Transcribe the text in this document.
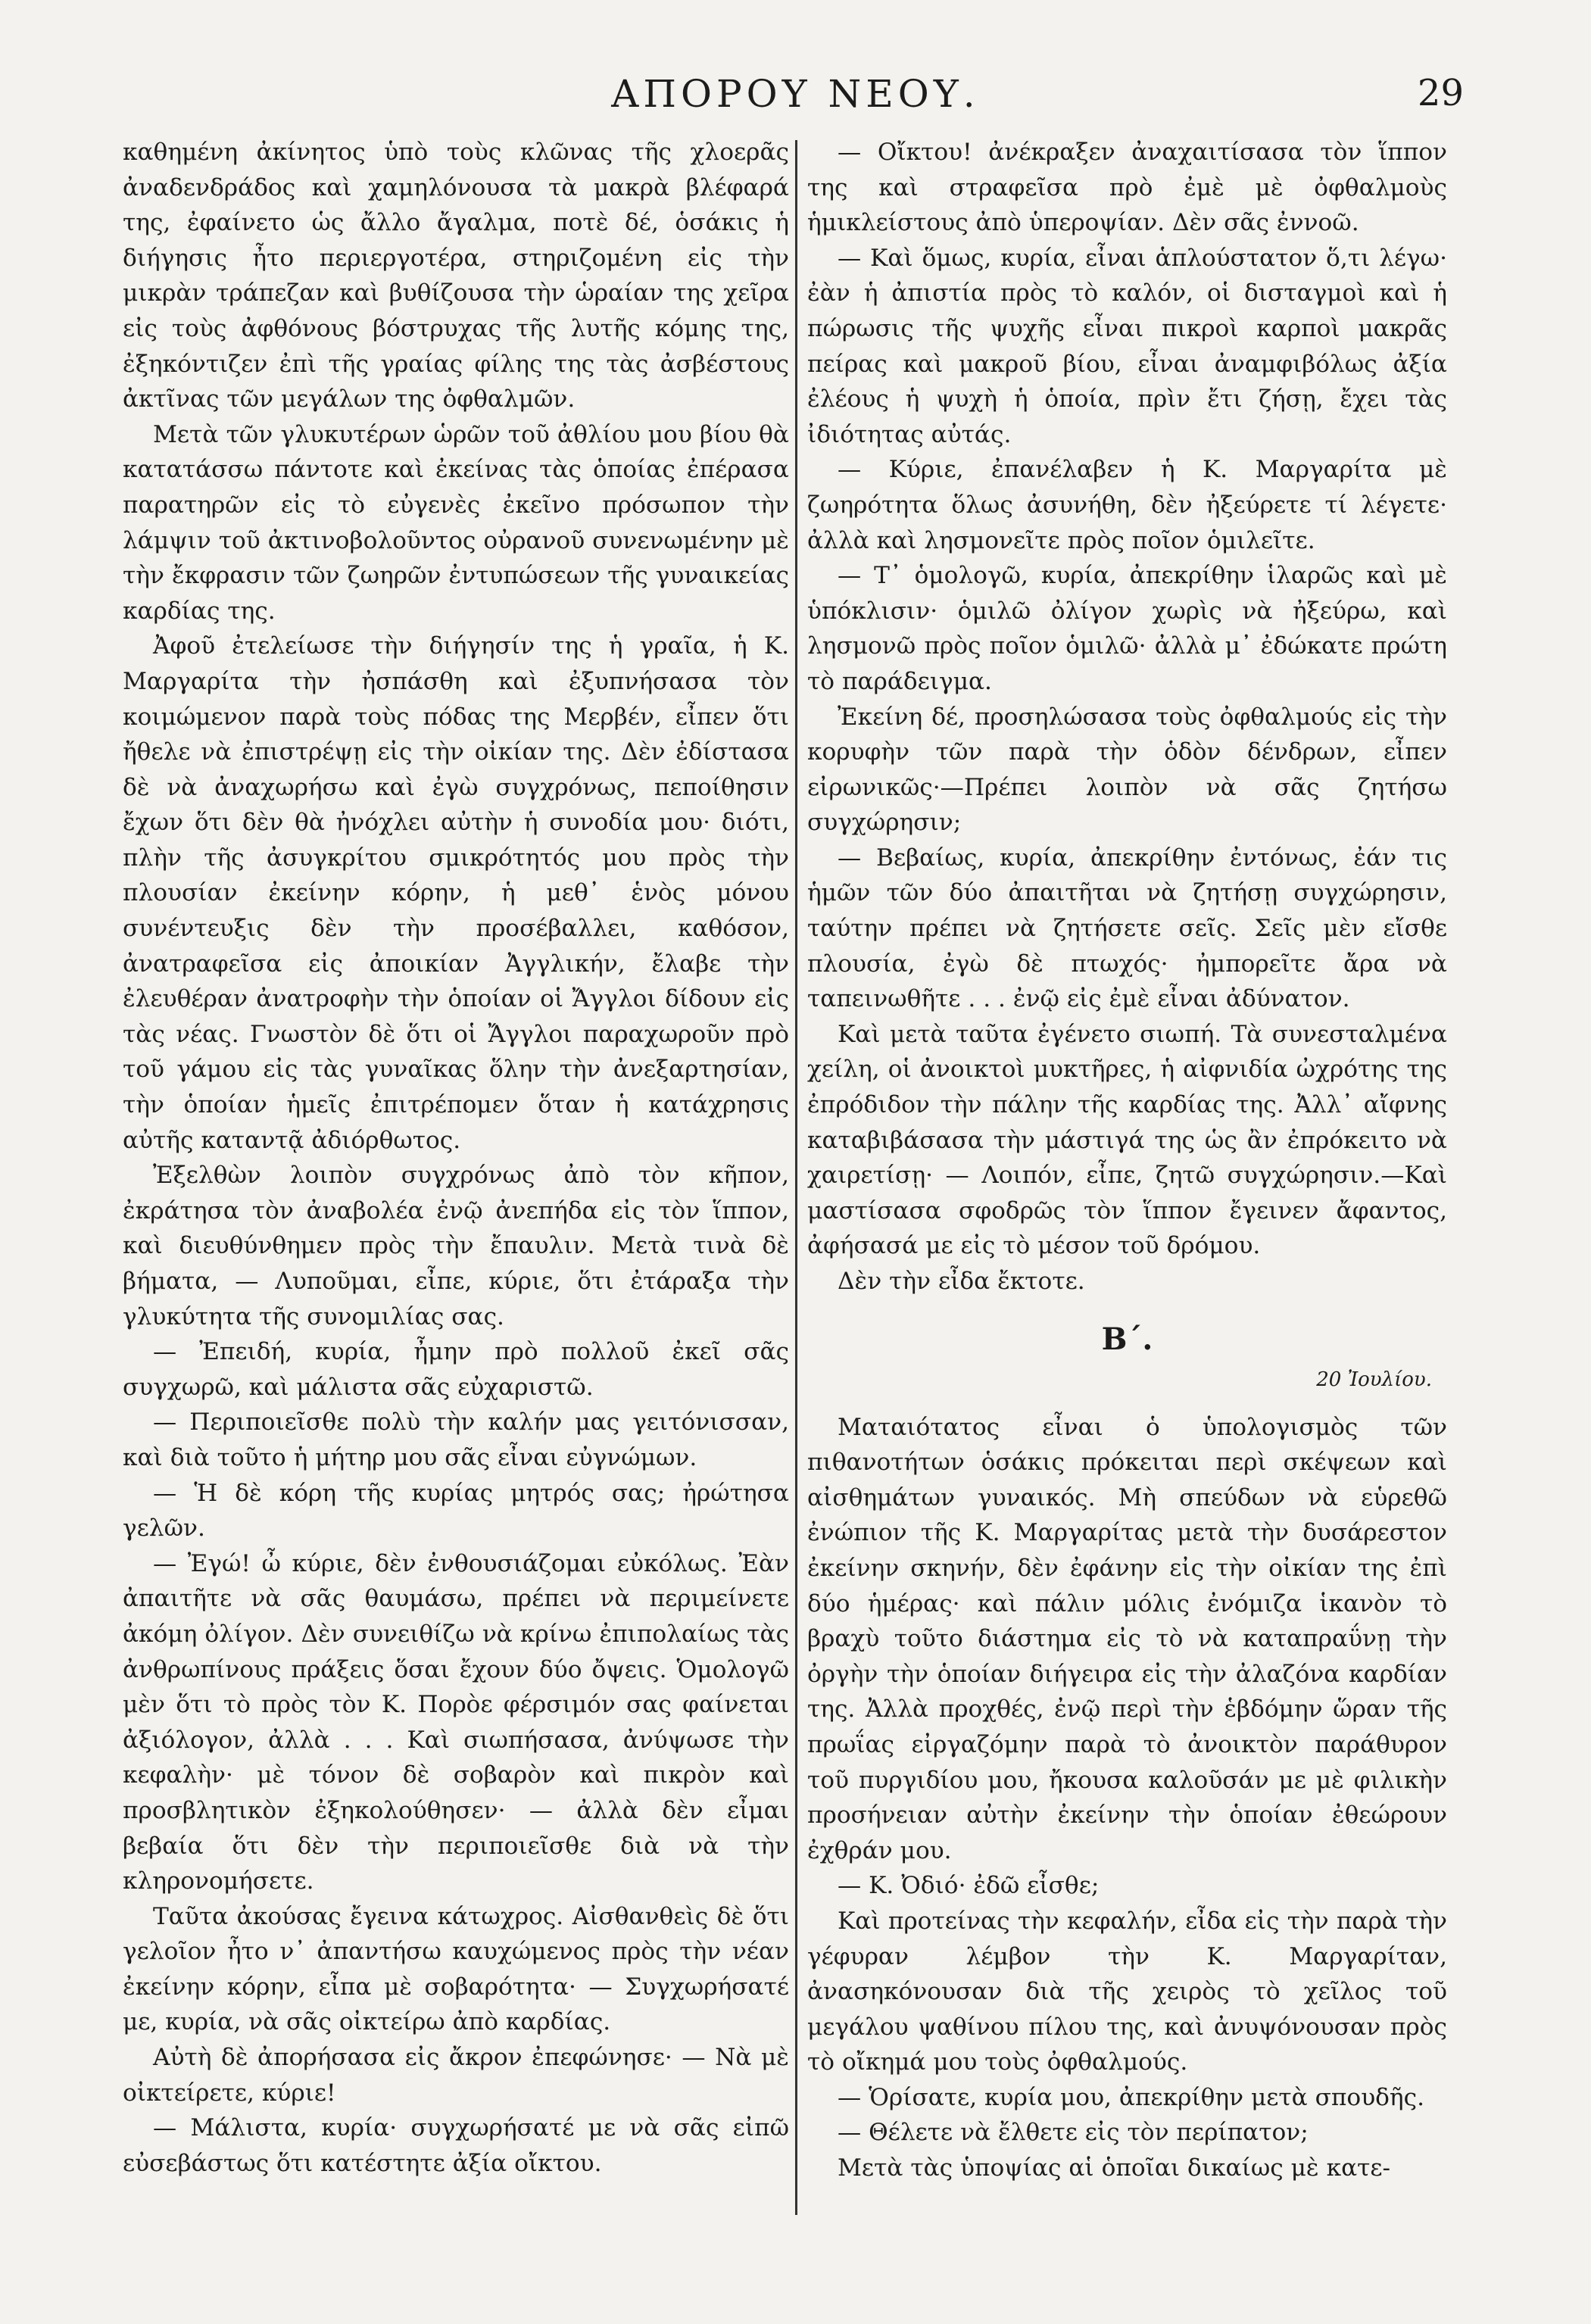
ΑΠΟΡΟΥ ΝΕΟΥ.	29

καθημένη ἀκίνητος ὑπὸ τοὺς κλῶνας τῆς χλοερᾶς ἀναδενδράδος καὶ χαμηλόνουσα τὰ μακρὰ βλέφαρά της, ἐφαίνετο ὡς ἄλλο ἄγαλμα, ποτὲ δέ, ὁσάκις ἡ διήγησις ἦτο περιεργοτέρα, στηριζομένη εἰς τὴν μικρὰν τράπεζαν καὶ βυθίζουσα τὴν ὡραίαν της χεῖρα εἰς τοὺς ἀφθόνους βόστρυχας τῆς λυτῆς κόμης της, ἐξηκόντιζεν ἐπὶ τῆς γραίας φίλης της τὰς ἀσβέστους ἀκτῖνας τῶν μεγάλων της ὀφθαλμῶν.

Μετὰ τῶν γλυκυτέρων ὡρῶν τοῦ ἀθλίου μου βίου θὰ κατατάσσω πάντοτε καὶ ἐκείνας τὰς ὁποίας ἐπέρασα παρατηρῶν εἰς τὸ εὐγενὲς ἐκεῖνο πρόσωπον τὴν λάμψιν τοῦ ἀκτινοβολοῦντος οὐρανοῦ συνενωμένην μὲ τὴν ἔκφρασιν τῶν ζωηρῶν ἐντυπώσεων τῆς γυναικείας καρδίας της.

Ἀφοῦ ἐτελείωσε τὴν διήγησίν της ἡ γραῖα, ἡ Κ. Μαργαρίτα τὴν ἠσπάσθη καὶ ἐξυπνήσασα τὸν κοιμώμενον παρὰ τοὺς πόδας της Μερβέν, εἶπεν ὅτι ἤθελε νὰ ἐπιστρέψῃ εἰς τὴν οἰκίαν της. Δὲν ἐδίστασα δὲ νὰ ἀναχωρήσω καὶ ἐγὼ συγχρόνως, πεποίθησιν ἔχων ὅτι δὲν θὰ ἠνόχλει αὐτὴν ἡ συνοδία μου· διότι, πλὴν τῆς ἀσυγκρίτου σμικρότητός μου πρὸς τὴν πλουσίαν ἐκείνην κόρην, ἡ μεθ᾽ ἑνὸς μόνου συνέντευξις δὲν τὴν προσέβαλλει, καθόσον, ἀνατραφεῖσα εἰς ἀποικίαν Ἀγγλικήν, ἔλαβε τὴν ἐλευθέραν ἀνατροφὴν τὴν ὁποίαν οἱ Ἄγγλοι δίδουν εἰς τὰς νέας. Γνωστὸν δὲ ὅτι οἱ Ἄγγλοι παραχωροῦν πρὸ τοῦ γάμου εἰς τὰς γυναῖκας ὅλην τὴν ἀνεξαρτησίαν, τὴν ὁποίαν ἡμεῖς ἐπιτρέπομεν ὅταν ἡ κατάχρησις αὐτῆς καταντᾷ ἀδιόρθωτος.

Ἐξελθὼν λοιπὸν συγχρόνως ἀπὸ τὸν κῆπον, ἐκράτησα τὸν ἀναβολέα ἐνῷ ἀνεπήδα εἰς τὸν ἵππον, καὶ διευθύνθημεν πρὸς τὴν ἔπαυλιν. Μετὰ τινὰ δὲ βήματα, — Λυποῦμαι, εἶπε, κύριε, ὅτι ἐτάραξα τὴν γλυκύτητα τῆς συνομιλίας σας.

— Ἐπειδή, κυρία, ἦμην πρὸ πολλοῦ ἐκεῖ σᾶς συγχωρῶ, καὶ μάλιστα σᾶς εὐχαριστῶ.

— Περιποιεῖσθε πολὺ τὴν καλήν μας γειτόνισσαν, καὶ διὰ τοῦτο ἡ μήτηρ μου σᾶς εἶναι εὐγνώμων.

— Ἡ δὲ κόρη τῆς κυρίας μητρός σας; ἠρώτησα γελῶν.

— Ἐγώ! ὦ κύριε, δὲν ἐνθουσιάζομαι εὐκόλως. Ἐὰν ἀπαιτῆτε νὰ σᾶς θαυμάσω, πρέπει νὰ περιμείνετε ἀκόμη ὀλίγον. Δὲν συνειθίζω νὰ κρίνω ἐπιπολαίως τὰς ἀνθρωπίνους πράξεις ὅσαι ἔχουν δύο ὄψεις. Ὁμολογῶ μὲν ὅτι τὸ πρὸς τὸν Κ. Πορὸε φέρσιμόν σας φαίνεται ἀξιόλογον, ἀλλὰ . . . Καὶ σιωπήσασα, ἀνύψωσε τὴν κεφαλὴν· μὲ τόνον δὲ σοβαρὸν καὶ πικρὸν καὶ προσβλητικὸν ἐξηκολούθησεν· — ἀλλὰ δὲν εἶμαι βεβαία ὅτι δὲν τὴν περιποιεῖσθε διὰ νὰ τὴν κληρονομήσετε.

Ταῦτα ἀκούσας ἔγεινα κάτωχρος. Αἰσθανθεὶς δὲ ὅτι γελοῖον ἦτο ν᾽ ἀπαντήσω καυχώμενος πρὸς τὴν νέαν ἐκείνην κόρην, εἶπα μὲ σοβαρότητα· — Συγχωρήσατέ με, κυρία, νὰ σᾶς οἰκτείρω ἀπὸ καρδίας.

Αὐτὴ δὲ ἀπορήσασα εἰς ἄκρον ἐπεφώνησε· — Νὰ μὲ οἰκτείρετε, κύριε!

— Μάλιστα, κυρία· συγχωρήσατέ με νὰ σᾶς εἰπῶ εὐσεβάστως ὅτι κατέστητε ἀξία οἴκτου.

— Οἴκτου! ἀνέκραξεν ἀναχαιτίσασα τὸν ἵππον της καὶ στραφεῖσα πρὸ ἐμὲ μὲ ὀφθαλμοὺς ἡμικλείστους ἀπὸ ὑπεροψίαν. Δὲν σᾶς ἐννοῶ.

— Καὶ ὅμως, κυρία, εἶναι ἁπλούστατον ὅ,τι λέγω· ἐὰν ἡ ἀπιστία πρὸς τὸ καλόν, οἱ δισταγμοὶ καὶ ἡ πώρωσις τῆς ψυχῆς εἶναι πικροὶ καρποὶ μακρᾶς πείρας καὶ μακροῦ βίου, εἶναι ἀναμφιβόλως ἀξία ἐλέους ἡ ψυχὴ ἡ ὁποία, πρὶν ἔτι ζήσῃ, ἔχει τὰς ἰδιότητας αὐτάς.

— Κύριε, ἐπανέλαβεν ἡ Κ. Μαργαρίτα μὲ ζωηρότητα ὅλως ἀσυνήθη, δὲν ἠξεύρετε τί λέγετε· ἀλλὰ καὶ λησμονεῖτε πρὸς ποῖον ὁμιλεῖτε.

— Τ᾽ ὁμολογῶ, κυρία, ἀπεκρίθην ἱλαρῶς καὶ μὲ ὑπόκλισιν· ὁμιλῶ ὀλίγον χωρὶς νὰ ἠξεύρω, καὶ λησμονῶ πρὸς ποῖον ὁμιλῶ· ἀλλὰ μ᾽ ἐδώκατε πρώτη τὸ παράδειγμα.

Ἐκείνη δέ, προσηλώσασα τοὺς ὀφθαλμούς εἰς τὴν κορυφὴν τῶν παρὰ τὴν ὁδὸν δένδρων, εἶπεν εἰρωνικῶς·—Πρέπει λοιπὸν νὰ σᾶς ζητήσω συγχώρησιν;

— Βεβαίως, κυρία, ἀπεκρίθην ἐντόνως, ἐάν τις ἡμῶν τῶν δύο ἀπαιτῆται νὰ ζητήσῃ συγχώρησιν, ταύτην πρέπει νὰ ζητήσετε σεῖς. Σεῖς μὲν εἴσθε πλουσία, ἐγὼ δὲ πτωχός· ἠμπορεῖτε ἄρα νὰ ταπεινωθῆτε . . . ἐνῷ εἰς ἐμὲ εἶναι ἀδύνατον.

Καὶ μετὰ ταῦτα ἐγένετο σιωπή. Τὰ συνεσταλμένα χείλη, οἱ ἀνοικτοὶ μυκτῆρες, ἡ αἰφνιδία ὠχρότης της ἐπρόδιδον τὴν πάλην τῆς καρδίας της. Ἀλλ᾽ αἴφνης καταβιβάσασα τὴν μάστιγά της ὡς ἂν ἐπρόκειτο νὰ χαιρετίσῃ· — Λοιπόν, εἶπε, ζητῶ συγχώρησιν.—Καὶ μαστίσασα σφοδρῶς τὸν ἵππον ἔγεινεν ἄφαντος, ἀφήσασά με εἰς τὸ μέσον τοῦ δρόμου.

Δὲν τὴν εἶδα ἔκτοτε.

Β΄.
20 Ἰουλίου.

Ματαιότατος εἶναι ὁ ὑπολογισμὸς τῶν πιθανοτήτων ὁσάκις πρόκειται περὶ σκέψεων καὶ αἰσθημάτων γυναικός. Μὴ σπεύδων νὰ εὑρεθῶ ἐνώπιον τῆς Κ. Μαργαρίτας μετὰ τὴν δυσάρεστον ἐκείνην σκηνήν, δὲν ἐφάνην εἰς τὴν οἰκίαν της ἐπὶ δύο ἡμέρας· καὶ πάλιν μόλις ἐνόμιζα ἱκανὸν τὸ βραχὺ τοῦτο διάστημα εἰς τὸ νὰ καταπραΰνῃ τὴν ὀργὴν τὴν ὁποίαν διήγειρα εἰς τὴν ἀλαζόνα καρδίαν της. Ἀλλὰ προχθές, ἐνῷ περὶ τὴν ἑβδόμην ὥραν τῆς πρωΐας εἰργαζόμην παρὰ τὸ ἀνοικτὸν παράθυρον τοῦ πυργιδίου μου, ἤκουσα καλοῦσάν με μὲ φιλικὴν προσήνειαν αὐτὴν ἐκείνην τὴν ὁποίαν ἐθεώρουν ἐχθράν μου.

— Κ. Ὀδιό· ἐδῶ εἶσθε;

Καὶ προτείνας τὴν κεφαλήν, εἶδα εἰς τὴν παρὰ τὴν γέφυραν λέμβον τὴν Κ. Μαργαρίταν, ἀνασηκόνουσαν διὰ τῆς χειρὸς τὸ χεῖλος τοῦ μεγάλου ψαθίνου πίλου της, καὶ ἀνυψόνουσαν πρὸς τὸ οἴκημά μου τοὺς ὀφθαλμούς.

— Ὁρίσατε, κυρία μου, ἀπεκρίθην μετὰ σπουδῆς.

— Θέλετε νὰ ἔλθετε εἰς τὸν περίπατον;

Μετὰ τὰς ὑποψίας αἱ ὁποῖαι δικαίως μὲ κατε-
